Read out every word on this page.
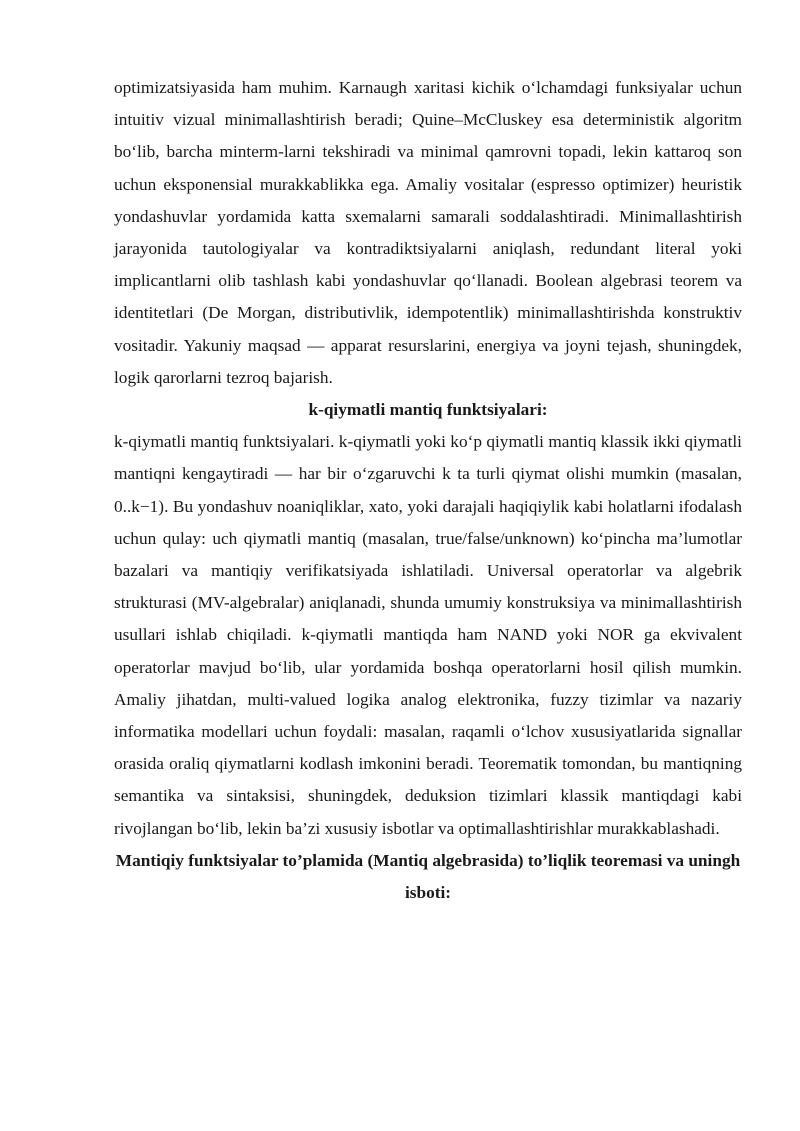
optimizatsiyasida ham muhim. Karnaugh xaritasi kichik o‘lchamdagi funksiyalar uchun intuitiv vizual minimallashtirish beradi; Quine–McCluskey esa deterministik algoritm bo‘lib, barcha minterm-larni tekshiradi va minimal qamrovni topadi, lekin kattaroq son uchun eksponensial murakkablikka ega. Amaliy vositalar (espresso optimizer) heuristik yondashuvlar yordamida katta sxemalarni samarali soddalashtiradi. Minimallashtirish jarayonida tautologiyalar va kontradiktsiyalarni aniqlash, redundant literal yoki implicantlarni olib tashlash kabi yondashuvlar qo‘llanadi. Boolean algebrasi teorem va identitetlari (De Morgan, distributivlik, idempotentlik) minimallashtirishda konstruktiv vositadir. Yakuniy maqsad — apparat resurslarini, energiya va joyni tejash, shuningdek, logik qarorlarni tezroq bajarish.

k-qiymatli mantiq funktsiyalari:

k-qiymatli mantiq funktsiyalari. k-qiymatli yoki ko‘p qiymatli mantiq klassik ikki qiymatli mantiqni kengaytiradi — har bir o‘zgaruvchi k ta turli qiymat olishi mumkin (masalan, 0..k−1). Bu yondashuv noaniqliklar, xato, yoki darajali haqiqiylik kabi holatlarni ifodalash uchun qulay: uch qiymatli mantiq (masalan, true/false/unknown) ko‘pincha ma’lumotlar bazalari va mantiqiy verifikatsiyada ishlatiladi. Universal operatorlar va algebrik strukturasi (MV-algebralar) aniqlanadi, shunda umumiy konstruksiya va minimallashtirish usullari ishlab chiqiladi. k-qiymatli mantiqda ham NAND yoki NOR ga ekvivalent operatorlar mavjud bo‘lib, ular yordamida boshqa operatorlarni hosil qilish mumkin. Amaliy jihatdan, multi-valued logika analog elektronika, fuzzy tizimlar va nazariy informatika modellari uchun foydali: masalan, raqamli o‘lchov xususiyatlarida signallar orasida oraliq qiymatlarni kodlash imkonini beradi. Teorematik tomondan, bu mantiqning semantika va sintaksisi, shuningdek, deduksion tizimlari klassik mantiqdagi kabi rivojlangan bo‘lib, lekin ba’zi xususiy isbotlar va optimallashtirishlar murakkablashadi.

Mantiqiy funktsiyalar to’plamida (Mantiq algebrasida) to’liqlik teoremasi va uningh isboti:
